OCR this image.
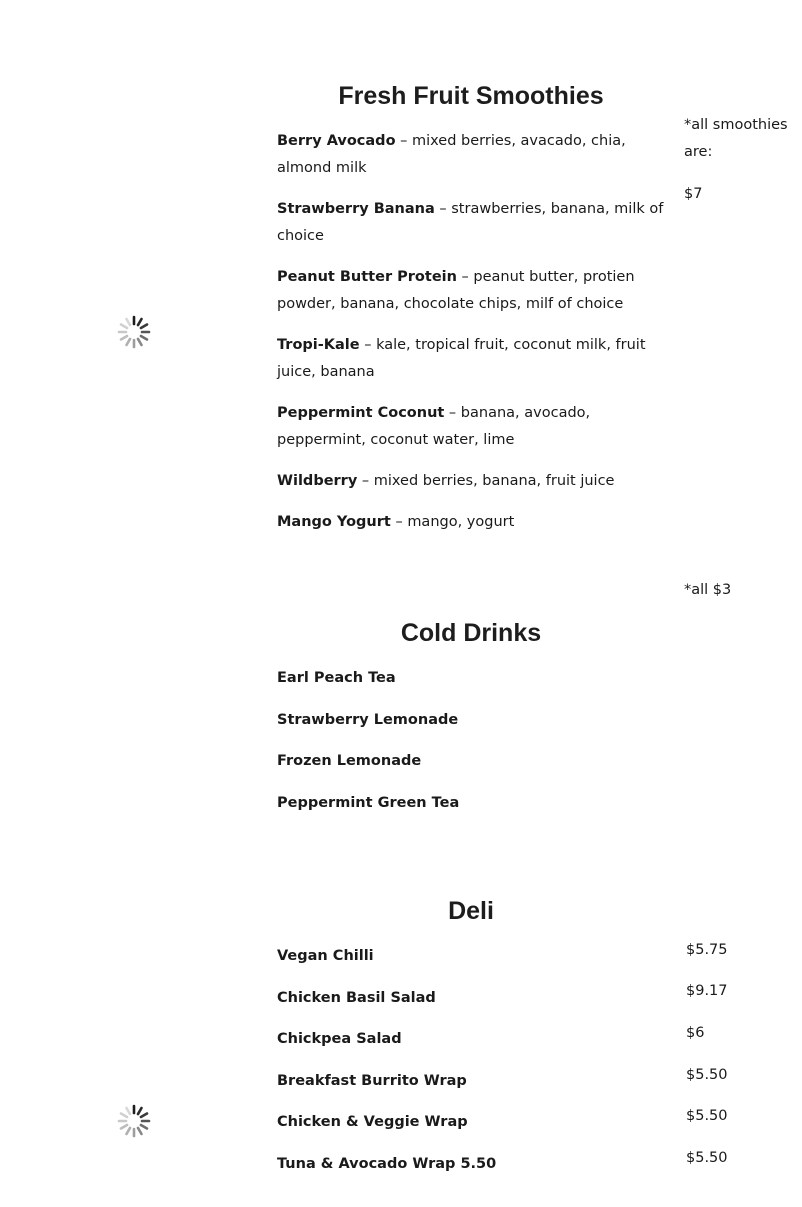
Fresh Fruit Smoothies
*all smoothies
are:
$7
Berry Avocado – mixed berries, avacado, chia, almond milk
Strawberry Banana – strawberries, banana, milk of choice
Peanut Butter Protein – peanut butter, protien powder, banana, chocolate chips, milf of choice
Tropi-Kale – kale, tropical fruit, coconut milk, fruit juice, banana
Peppermint Coconut – banana, avocado, peppermint, coconut water, lime
Wildberry – mixed berries, banana, fruit juice
Mango Yogurt – mango, yogurt
*all $3
Cold Drinks
Earl Peach Tea
Strawberry Lemonade
Frozen Lemonade
Peppermint Green Tea
Deli
Vegan Chilli
Chicken Basil Salad
Chickpea Salad
Breakfast Burrito Wrap
Chicken & Veggie Wrap
Tuna & Avocado Wrap 5.50
$5.75
$9.17
$6
$5.50
$5.50
$5.50
